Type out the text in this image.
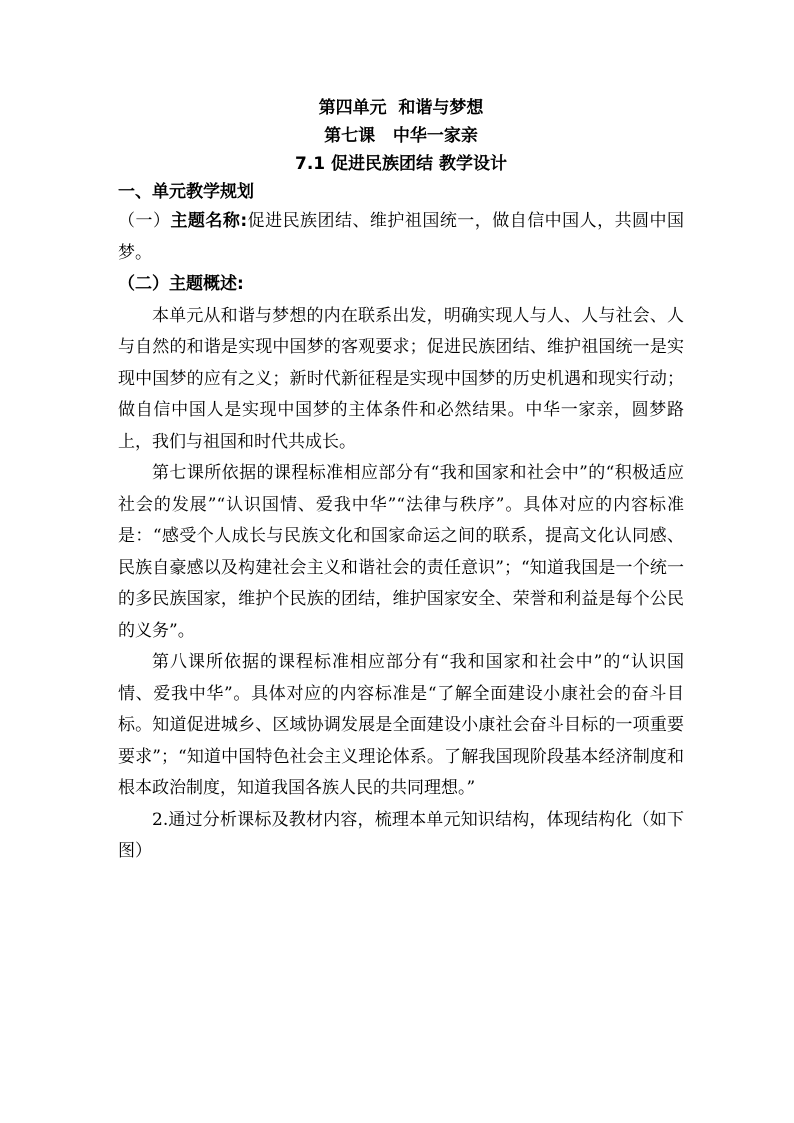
第四单元  和谐与梦想

第七课   中华一家亲

7.1 促进民族团结 教学设计

一、单元教学规划

（一）主题名称:促进民族团结、维护祖国统一，做自信中国人，共圆中国梦。

（二）主题概述:

本单元从和谐与梦想的内在联系出发，明确实现人与人、人与社会、人与自然的和谐是实现中国梦的客观要求；促进民族团结、维护祖国统一是实现中国梦的应有之义；新时代新征程是实现中国梦的历史机遇和现实行动；做自信中国人是实现中国梦的主体条件和必然结果。中华一家亲，圆梦路上，我们与祖国和时代共成长。

第七课所依据的课程标准相应部分有“我和国家和社会中”的“积极适应社会的发展”“认识国情、爱我中华”“法律与秩序”。具体对应的内容标准是：“感受个人成长与民族文化和国家命运之间的联系，提高文化认同感、民族自豪感以及构建社会主义和谐社会的责任意识”；“知道我国是一个统一的多民族国家，维护个民族的团结，维护国家安全、荣誉和利益是每个公民的义务”。

第八课所依据的课程标准相应部分有“我和国家和社会中”的“认识国情、爱我中华”。具体对应的内容标准是“了解全面建设小康社会的奋斗目标。知道促进城乡、区域协调发展是全面建设小康社会奋斗目标的一项重要要求”；“知道中国特色社会主义理论体系。了解我国现阶段基本经济制度和根本政治制度，知道我国各族人民的共同理想。”

2.通过分析课标及教材内容，梳理本单元知识结构，体现结构化（如下图）
